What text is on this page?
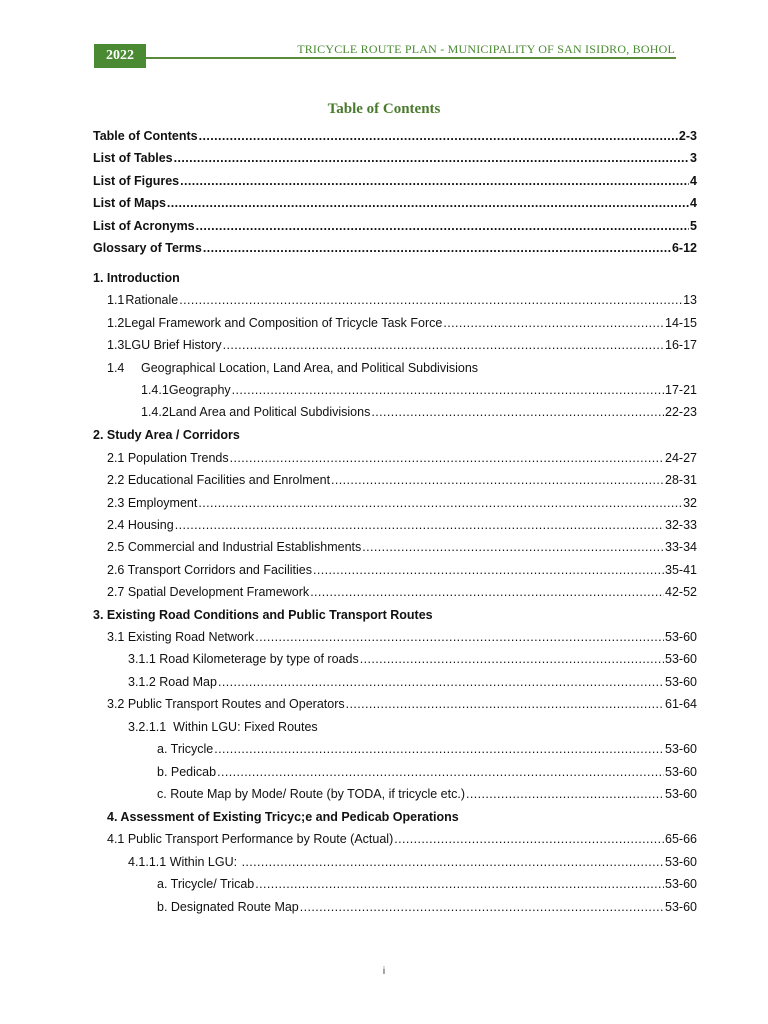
2022	TRICYCLE ROUTE PLAN - MUNICIPALITY OF SAN ISIDRO, BOHOL
Table of Contents
Table of Contents .....	2-3
List of Tables .....	3
List of Figures .....	4
List of Maps .....	4
List of Acronyms .....	5
Glossary of Terms .....	6-12
1. Introduction
1.1 Rationale .....	13
1.2 Legal Framework and Composition of Tricycle Task Force .....	14-15
1.3 LGU Brief History .....	16-17
1.4	Geographical Location, Land Area, and Political Subdivisions
1.4.1 Geography .....	17-21
1.4.2 Land Area and Political Subdivisions .....	22-23
2. Study Area / Corridors
2.1 Population Trends .....	24-27
2.2 Educational Facilities and Enrolment .....	28-31
2.3 Employment .....	32
2.4 Housing .....	32-33
2.5 Commercial and Industrial Establishments .....	33-34
2.6 Transport Corridors and Facilities .....	35-41
2.7 Spatial Development Framework .....	42-52
3. Existing Road Conditions and Public Transport Routes
3.1 Existing Road Network .....	53-60
3.1.1 Road Kilometerage by type of roads .....	53-60
3.1.2 Road Map .....	53-60
3.2 Public Transport Routes and Operators .....	61-64
3.2.1.1  Within LGU: Fixed Routes
a. Tricycle .....	53-60
b. Pedicab .....	53-60
c. Route Map by Mode/ Route (by TODA, if tricycle etc.) .....	53-60
4. Assessment of Existing Tricyc;e and Pedicab Operations
4.1 Public Transport Performance by Route (Actual) .....	65-66
4.1.1.1 Within LGU: .....	53-60
a. Tricycle/ Tricab .....	53-60
b. Designated Route Map .....	53-60
i
